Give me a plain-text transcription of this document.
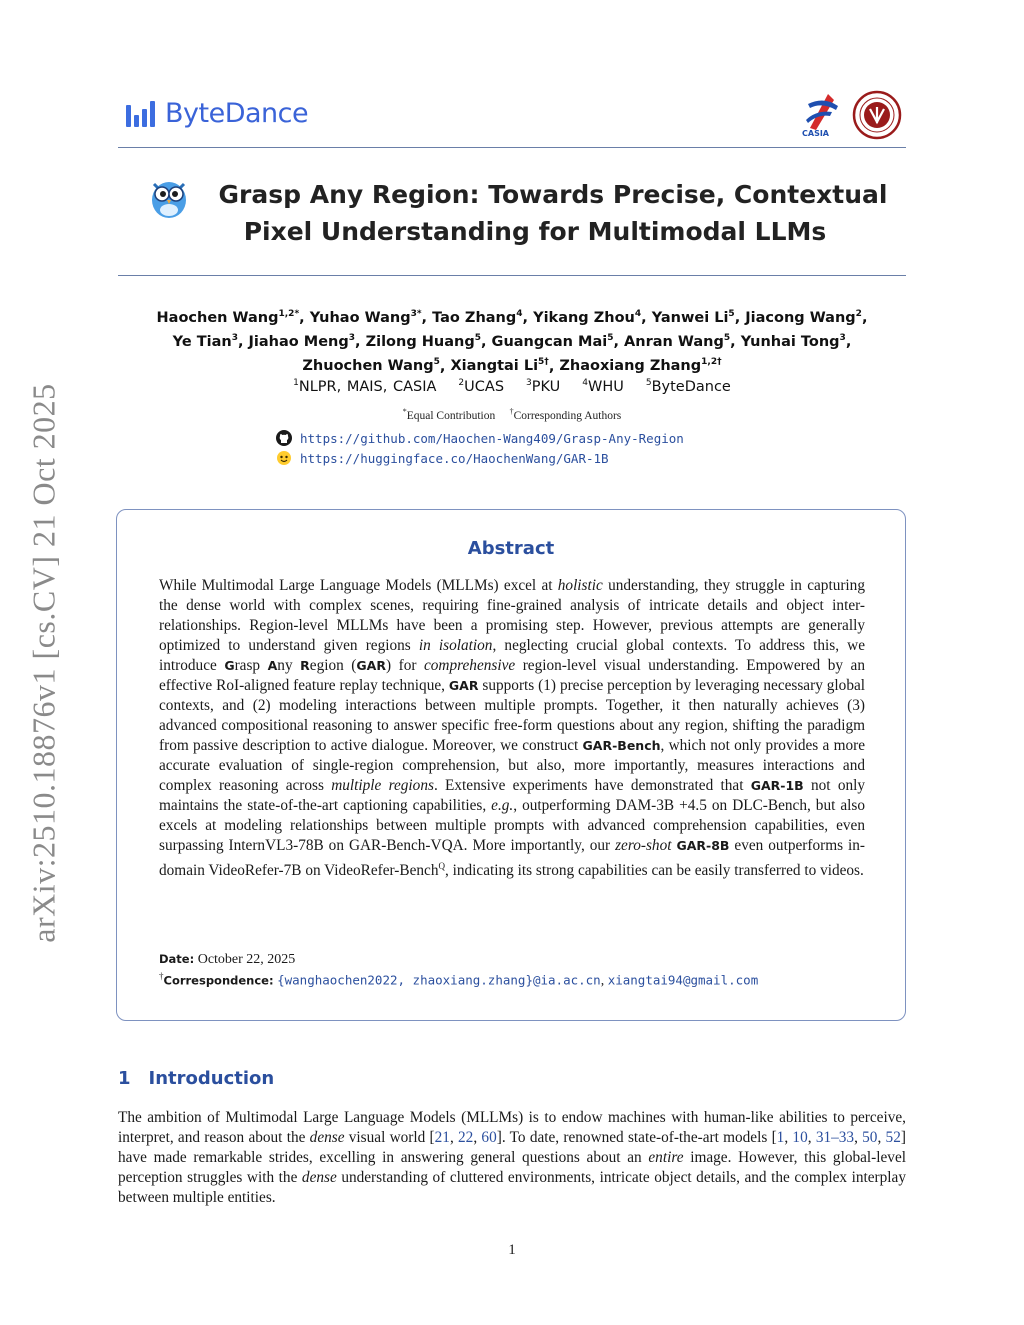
ByteDance
CASIA
Grasp Any Region: Towards Precise, Contextual
Pixel Understanding for Multimodal LLMs
Haochen Wang$^{1,2*}$, Yuhao Wang$^{3*}$, Tao Zhang$^4$, Yikang Zhou$^4$, Yanwei Li$^5$, Jiacong Wang$^2$,
Ye Tian$^3$, Jiahao Meng$^3$, Zilong Huang$^5$, Guangcan Mai$^5$, Anran Wang$^5$, Yunhai Tong$^3$,
Zhuochen Wang$^5$, Xiangtai $Li^{5\dagger}$, Zhaoxiang Zhang$^{1,2\dagger}$
$^1$NLPR, MAIS, CASIA $^2$UCAS $^3$PKU $^4$WHU $^5$ByteDance
*Equal Contribution †Corresponding Authors
https://github.com/Haochen-Wang409/Grasp-Any-Region
https://huggingface.co/HaochenWang/GAR-1B
Abstract
While Multimodal Large Language Models (MLLMs) excel at holistic understanding, they struggle in capturing the dense world with complex scenes, requiring fine-grained analysis of intricate details and object inter-relationships. Region-level MLLMs have been a promising step. However, previous attempts are generally optimized to understand given regions in isolation, neglecting crucial global contexts. To address this, we introduce Grasp Any Region (GAR) for comprehensive region-level visual understanding. Empowered by an effective RoI-aligned feature replay technique, GAR supports (1) precise perception by leveraging necessary global contexts, and (2) modeling interactions between multiple prompts. Together, it then naturally achieves (3) advanced compositional reasoning to answer specific free-form questions about any region, shifting the paradigm from passive description to active dialogue. Moreover, we construct GAR-Bench, which not only provides a more accurate evaluation of single-region comprehension, but also, more importantly, measures interactions and complex reasoning across multiple regions. Extensive experiments have demonstrated that GAR-1B not only maintains the state-of-the-art captioning capabilities, e.g., outperforming DAM-3B +4.5 on DLC-Bench, but also excels at modeling relationships between multiple prompts with advanced comprehension capabilities, even surpassing InternVL3-78B on GAR-Bench-VQA. More importantly, our zero-shot GAR-8B even outperforms in-domain VideoRefer-7B on VideoRefer-Bench$^Q$, indicating its strong capabilities can be easily transferred to videos.
Date: October 22, 2025
†Correspondence: {wanghaochen2022, zhaoxiang.zhang}@ia.ac.cn, xiangtai94@gmail.com
1 Introduction
The ambition of Multimodal Large Language Models (MLLMs) is to endow machines with human-like abilities to perceive, interpret, and reason about the dense visual world [21, 22, 60]. To date, renowned state-of-the-art models [1, 10, 31–33, 50, 52] have made remarkable strides, excelling in answering general questions about an entire image. However, this global-level perception struggles with the dense understanding of cluttered environments, intricate object details, and the complex interplay between multiple entities.
1
arXiv:2510.18876v1 [cs.CV] 21 Oct 2025
